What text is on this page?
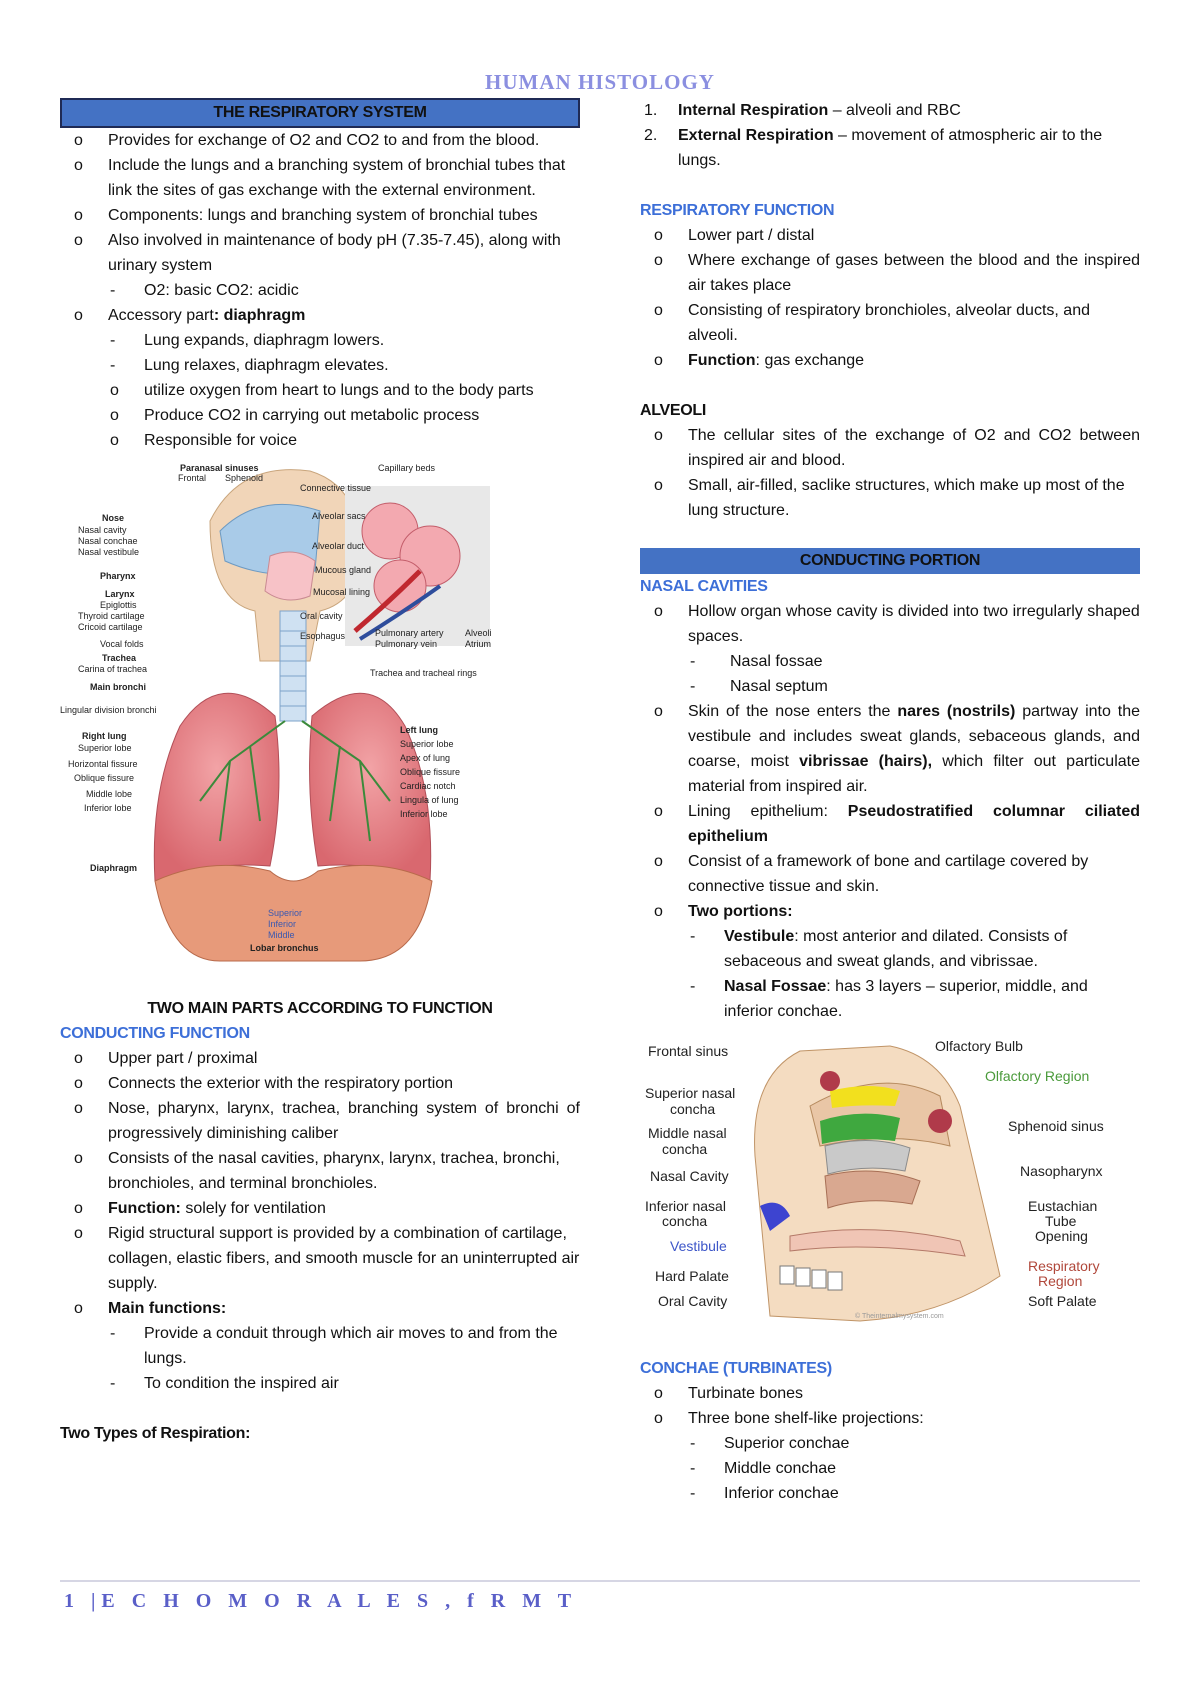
HUMAN HISTOLOGY
THE RESPIRATORY SYSTEM
o Provides for exchange of O2 and CO2 to and from the blood.
o Include the lungs and a branching system of bronchial tubes that link the sites of gas exchange with the external environment.
o Components: lungs and branching system of bronchial tubes
o Also involved in maintenance of body pH (7.35-7.45), along with urinary system
- O2: basic CO2: acidic
o Accessory part: diaphragm
- Lung expands, diaphragm lowers.
- Lung relaxes, diaphragm elevates.
o utilize oxygen from heart to lungs and to the body parts
o Produce CO2 in carrying out metabolic process
o Responsible for voice
Paranasal sinuses
Frontal Sphenoid
Nose
Nasal cavity
Nasal conchae
Nasal vestibule
Pharynx
Larynx
Epiglottis
Thyroid cartilage
Cricoid cartilage
Vocal folds
Trachea
Carina of trachea
Main bronchi
Lingular division bronchi
Right lung
Superior lobe
Horizontal fissure
Oblique fissure
Middle lobe
Inferior lobe
Diaphragm
Connective tissue
Alveolar sacs
Alveolar duct
Mucous gland
Mucosal lining
Oral cavity
Esophagus
Capillary beds
Pulmonary artery
Pulmonary vein
Alveoli
Atrium
Trachea and tracheal rings
Left lung
Superior lobe
Apex of lung
Oblique fissure
Cardiac notch
Lingula of lung
Inferior lobe
Superior
Inferior
Middle
Lobar bronchus
TWO MAIN PARTS ACCORDING TO FUNCTION
CONDUCTING FUNCTION
o Upper part / proximal
o Connects the exterior with the respiratory portion
o Nose, pharynx, larynx, trachea, branching system of bronchi of progressively diminishing caliber
o Consists of the nasal cavities, pharynx, larynx, trachea, bronchi, bronchioles, and terminal bronchioles.
o Function: solely for ventilation
o Rigid structural support is provided by a combination of cartilage, collagen, elastic fibers, and smooth muscle for an uninterrupted air supply.
o Main functions:
- Provide a conduit through which air moves to and from the lungs.
- To condition the inspired air
Two Types of Respiration:
1. Internal Respiration – alveoli and RBC
2. External Respiration – movement of atmospheric air to the lungs.
RESPIRATORY FUNCTION
o Lower part / distal
o Where exchange of gases between the blood and the inspired air takes place
o Consisting of respiratory bronchioles, alveolar ducts, and alveoli.
o Function: gas exchange
ALVEOLI
o The cellular sites of the exchange of O2 and CO2 between inspired air and blood.
o Small, air-filled, saclike structures, which make up most of the lung structure.
CONDUCTING PORTION
NASAL CAVITIES
o Hollow organ whose cavity is divided into two irregularly shaped spaces.
- Nasal fossae
- Nasal septum
o Skin of the nose enters the nares (nostrils) partway into the vestibule and includes sweat glands, sebaceous glands, and coarse, moist vibrissae (hairs), which filter out particulate material from inspired air.
o Lining epithelium: Pseudostratified columnar ciliated epithelium
o Consist of a framework of bone and cartilage covered by connective tissue and skin.
o Two portions:
- Vestibule: most anterior and dilated. Consists of sebaceous and sweat glands, and vibrissae.
- Nasal Fossae: has 3 layers – superior, middle, and inferior conchae.
Frontal sinus
Superior nasal
concha
Middle nasal
concha
Nasal Cavity
Inferior nasal
concha
Vestibule
Hard Palate
Oral Cavity
Olfactory Bulb
Olfactory Region
Sphenoid sinus
Nasopharynx
Eustachian
Tube
Opening
Respiratory
Region
Soft Palate
© Theinternalmysystem.com
CONCHAE (TURBINATES)
o Turbinate bones
o Three bone shelf-like projections:
- Superior conchae
- Middle conchae
- Inferior conchae
1 |E C H O M O R A L E S , f R M T
